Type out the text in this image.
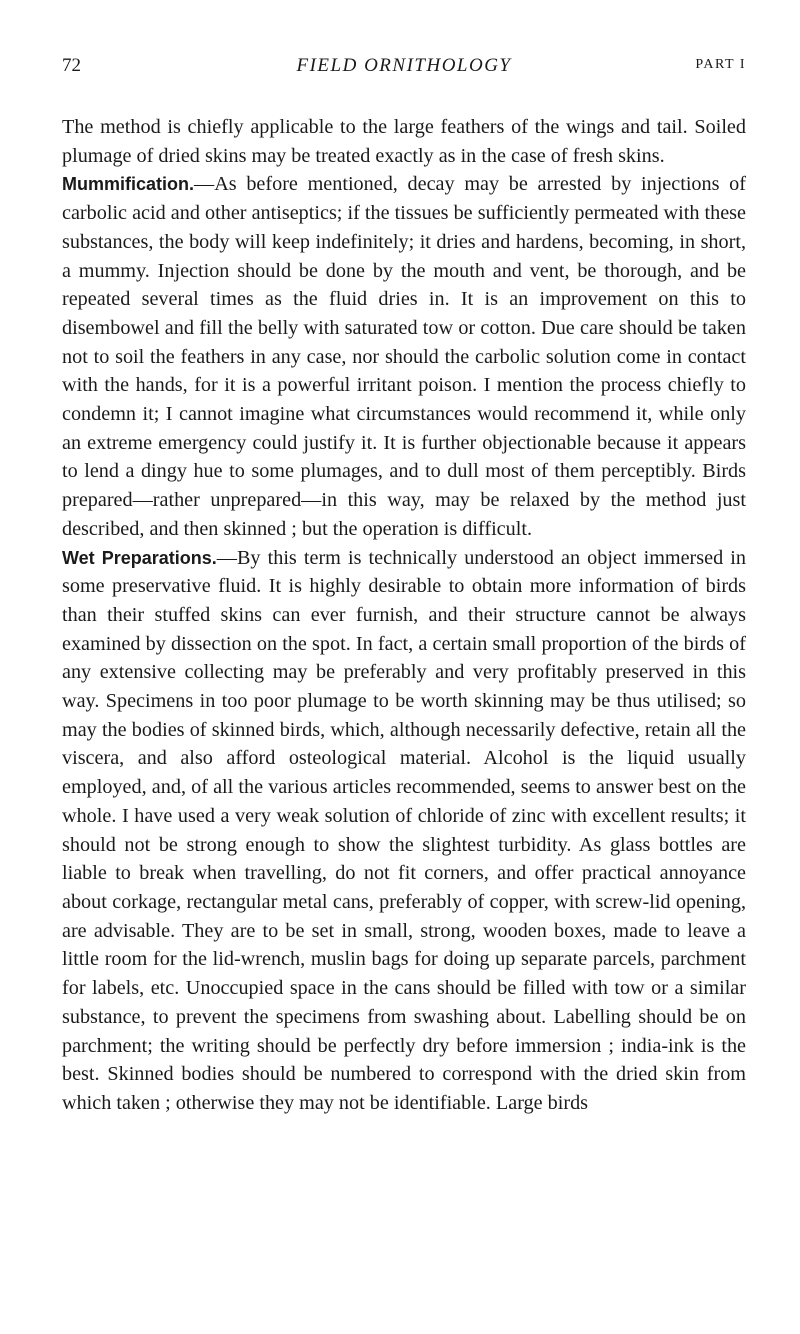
72	FIELD ORNITHOLOGY	PART I

The method is chiefly applicable to the large feathers of the wings and tail. Soiled plumage of dried skins may be treated exactly as in the case of fresh skins.

Mummification.—As before mentioned, decay may be arrested by injections of carbolic acid and other antiseptics; if the tissues be sufficiently permeated with these substances, the body will keep indefinitely; it dries and hardens, becoming, in short, a mummy. Injection should be done by the mouth and vent, be thorough, and be repeated several times as the fluid dries in. It is an improvement on this to disembowel and fill the belly with saturated tow or cotton. Due care should be taken not to soil the feathers in any case, nor should the carbolic solution come in contact with the hands, for it is a powerful irritant poison. I mention the process chiefly to condemn it; I cannot imagine what circumstances would recommend it, while only an extreme emergency could justify it. It is further objectionable because it appears to lend a dingy hue to some plumages, and to dull most of them perceptibly. Birds prepared—rather unprepared—in this way, may be relaxed by the method just described, and then skinned ; but the operation is difficult.

Wet Preparations.—By this term is technically understood an object immersed in some preservative fluid. It is highly desirable to obtain more information of birds than their stuffed skins can ever furnish, and their structure cannot be always examined by dissection on the spot. In fact, a certain small proportion of the birds of any extensive collecting may be preferably and very profitably preserved in this way. Specimens in too poor plumage to be worth skinning may be thus utilised; so may the bodies of skinned birds, which, although necessarily defective, retain all the viscera, and also afford osteological material. Alcohol is the liquid usually employed, and, of all the various articles recommended, seems to answer best on the whole. I have used a very weak solution of chloride of zinc with excellent results; it should not be strong enough to show the slightest turbidity. As glass bottles are liable to break when travelling, do not fit corners, and offer practical annoyance about corkage, rectangular metal cans, preferably of copper, with screw-lid opening, are advisable. They are to be set in small, strong, wooden boxes, made to leave a little room for the lid-wrench, muslin bags for doing up separate parcels, parchment for labels, etc. Unoccupied space in the cans should be filled with tow or a similar substance, to prevent the specimens from swashing about. Labelling should be on parchment; the writing should be perfectly dry before immersion ; india-ink is the best. Skinned bodies should be numbered to correspond with the dried skin from which taken ; otherwise they may not be identifiable. Large birds
